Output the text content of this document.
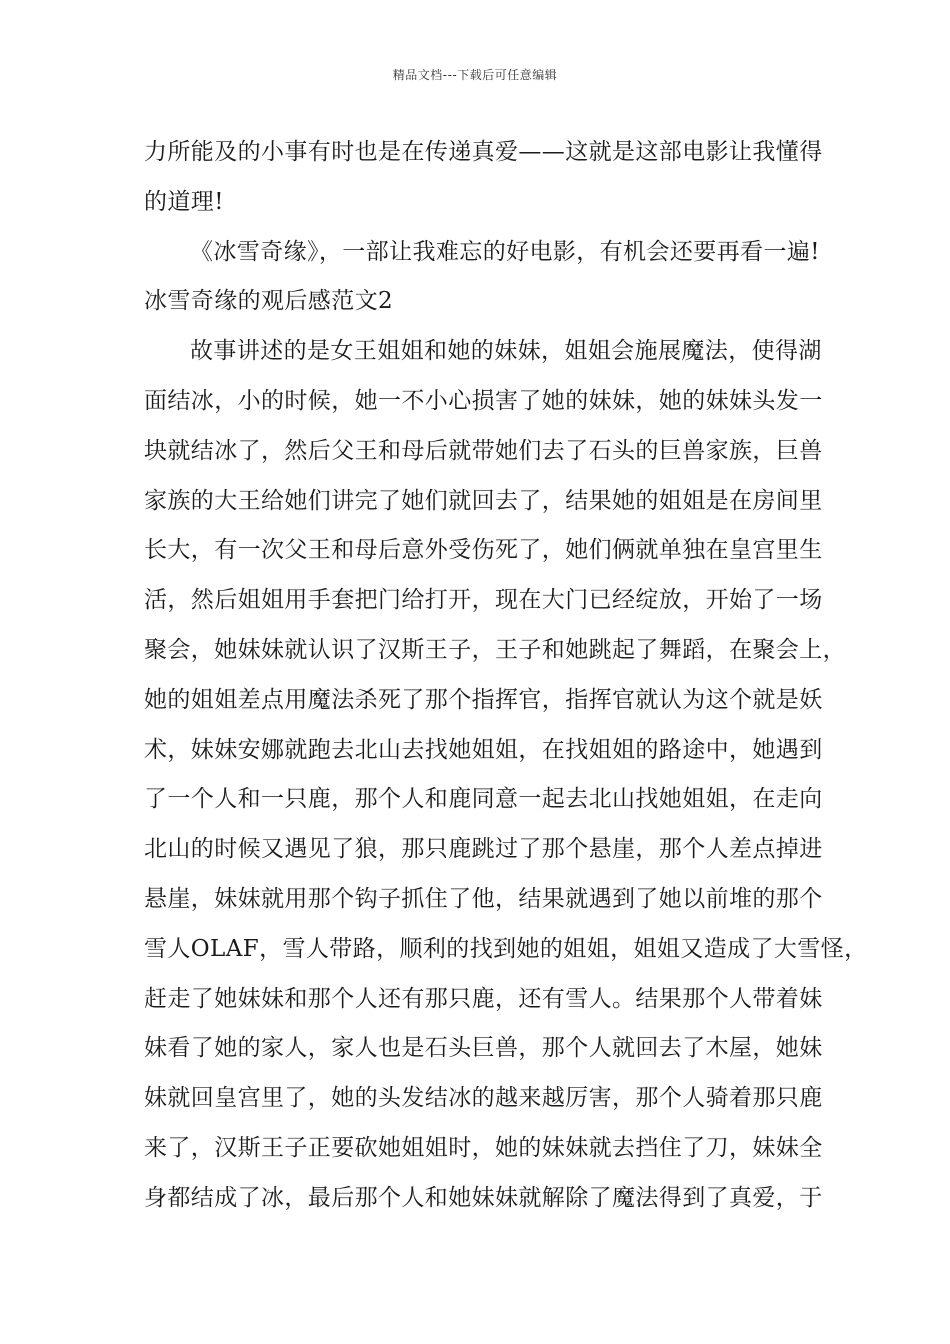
精品文档---下载后可任意编辑
力所能及的小事有时也是在传递真爱——这就是这部电影让我懂得
的道理!
《冰雪奇缘》，一部让我难忘的好电影，有机会还要再看一遍!
冰雪奇缘的观后感范文2
故事讲述的是女王姐姐和她的妹妹，姐姐会施展魔法，使得湖
面结冰，小的时候，她一不小心损害了她的妹妹，她的妹妹头发一
块就结冰了，然后父王和母后就带她们去了石头的巨兽家族，巨兽
家族的大王给她们讲完了她们就回去了，结果她的姐姐是在房间里
长大，有一次父王和母后意外受伤死了，她们俩就单独在皇宫里生
活，然后姐姐用手套把门给打开，现在大门已经绽放，开始了一场
聚会，她妹妹就认识了汉斯王子，王子和她跳起了舞蹈，在聚会上，
她的姐姐差点用魔法杀死了那个指挥官，指挥官就认为这个就是妖
术，妹妹安娜就跑去北山去找她姐姐，在找姐姐的路途中，她遇到
了一个人和一只鹿，那个人和鹿同意一起去北山找她姐姐，在走向
北山的时候又遇见了狼，那只鹿跳过了那个悬崖，那个人差点掉进
悬崖，妹妹就用那个钩子抓住了他，结果就遇到了她以前堆的那个
雪人OLAF，雪人带路，顺利的找到她的姐姐，姐姐又造成了大雪怪，
赶走了她妹妹和那个人还有那只鹿，还有雪人。结果那个人带着妹
妹看了她的家人，家人也是石头巨兽，那个人就回去了木屋，她妹
妹就回皇宫里了，她的头发结冰的越来越厉害，那个人骑着那只鹿
来了，汉斯王子正要砍她姐姐时，她的妹妹就去挡住了刀，妹妹全
身都结成了冰，最后那个人和她妹妹就解除了魔法得到了真爱，于
